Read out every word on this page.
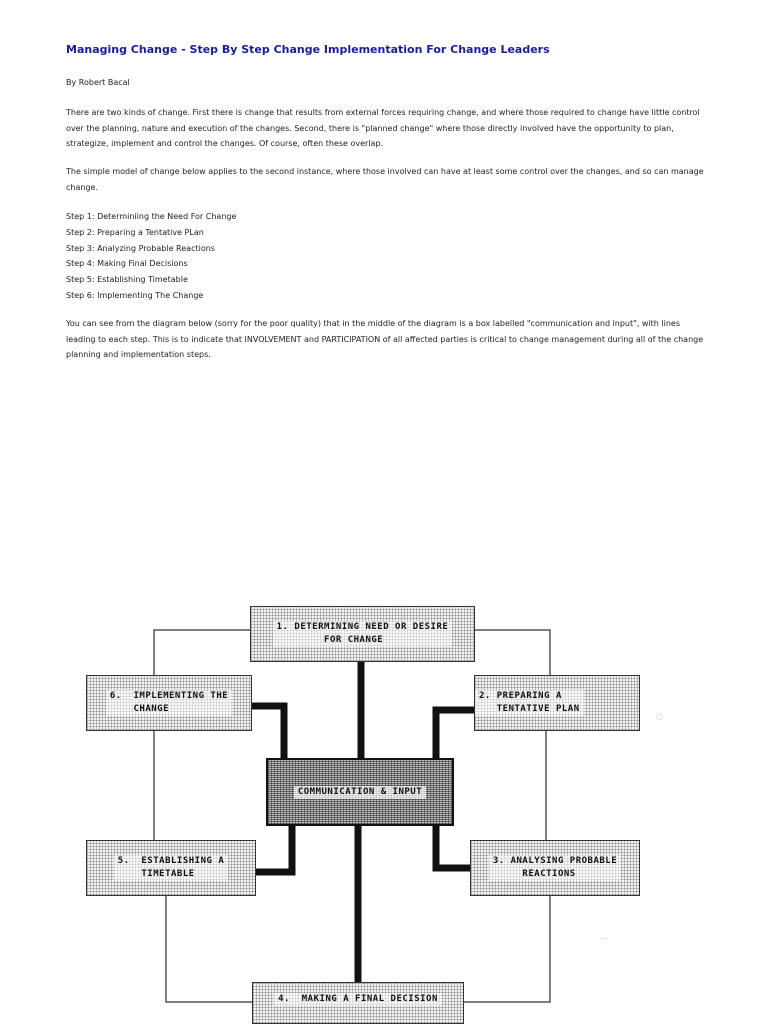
Managing Change - Step By Step Change Implementation For Change Leaders

By Robert Bacal

There are two kinds of change. First there is change that results from external forces requiring change, and where those required to change have little control over the planning, nature and execution of the changes. Second, there is "planned change" where those directly involved have the opportunity to plan, strategize, implement and control the changes. Of course, often these overlap.

The simple model of change below applies to the second instance, where those involved can have at least some control over the changes, and so can manage change.

Step 1: Determiniing the Need For Change
Step 2: Preparing a Tentative PLan
Step 3: Analyzing Probable Reactions
Step 4: Making Final Decisions
Step 5: Establishing Timetable
Step 6: Implementing The Change

You can see from the diagram below (sorry for the poor quality) that in the middle of the diagram is a box labelled "communication and input", with lines leading to each step. This is to indicate that INVOLVEMENT and PARTICIPATION of all affected parties is critical to change management during all of the change planning and implementation steps.

1. DETERMINING NEED OR DESIRE
FOR CHANGE
2. PREPARING A
TENTATIVE PLAN
3. ANALYSING PROBABLE
REACTIONS
4.  MAKING A FINAL DECISION
5.  ESTABLISHING A
TIMETABLE
6.  IMPLEMENTING THE
CHANGE
COMMUNICATION & INPUT
○
…
